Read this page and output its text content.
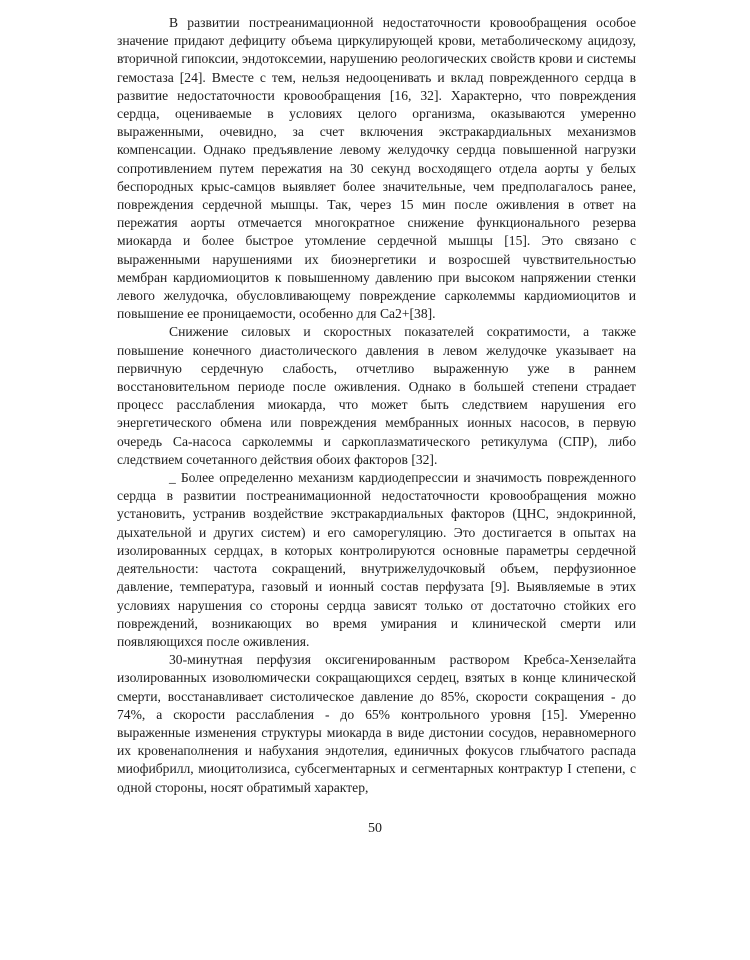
В развитии постреанимационной недостаточности кровообращения особое значение придают дефициту объема циркулирующей крови, метаболическому ацидозу, вторичной гипоксии, эндотоксемии, нарушению реологических свойств крови и системы гемостаза [24]. Вместе с тем, нельзя недооценивать и вклад поврежденного сердца в развитие недостаточности кровообращения [16, 32]. Характерно, что повреждения сердца, оцениваемые в условиях целого организма, оказываются умеренно выраженными, очевидно, за счет включения экстракардиальных механизмов компенсации. Однако предъявление левому желудочку сердца повышенной нагрузки сопротивлением путем пережатия на 30 секунд восходящего отдела аорты у белых беспородных крыс-самцов выявляет более значительные, чем предполагалось ранее, повреждения сердечной мышцы. Так, через 15 мин после оживления в ответ на пережатия аорты отмечается многократное снижение функционального резерва миокарда и более быстрое утомление сердечной мышцы [15]. Это связано с выраженными нарушениями их биоэнергетики и возросшей чувствительностью мембран кардиомиоцитов к повышенному давлению при высоком напряжении стенки левого желудочка, обусловливающему повреждение сарколеммы кардиомиоцитов и повышение ее проницаемости, особенно для Са2+[38].

Снижение силовых и скоростных показателей сократимости, а также повышение конечного диастолического давления в левом желудочке указывает на первичную сердечную слабость, отчетливо выраженную уже в раннем восстановительном периоде после оживления. Однако в большей степени страдает процесс расслабления миокарда, что может быть следствием нарушения его энергетического обмена или повреждения мембранных ионных насосов, в первую очередь Са-насоса сарколеммы и саркоплазматического ретикулума (СПР), либо следствием сочетанного действия обоих факторов [32].

_ Более определенно механизм кардиодепрессии и значимость поврежденного сердца в развитии постреанимационной недостаточности кровообращения можно установить, устранив воздействие экстракардиальных факторов (ЦНС, эндокринной, дыхательной и других систем) и его саморегуляцию. Это достигается в опытах на изолированных сердцах, в которых контролируются основные параметры сердечной деятельности: частота сокращений, внутрижелудочковый объем, перфузионное давление, температура, газовый и ионный состав перфузата [9]. Выявляемые в этих условиях нарушения со стороны сердца зависят только от достаточно стойких его повреждений, возникающих во время умирания и клинической смерти или появляющихся после оживления.

30-минутная перфузия оксигенированным раствором Кребса-Хензелайта изолированных изоволюмически сокращающихся сердец, взятых в конце клинической смерти, восстанавливает систолическое давление до 85%, скорости сокращения - до 74%, а скорости расслабления - до 65% контрольного уровня [15]. Умеренно выраженные изменения структуры миокарда в виде дистонии сосудов, неравномерного их кровенаполнения и набухания эндотелия, единичных фокусов глыбчатого распада миофибрилл, миоцитолизиса, субсегментарных и сегментарных контрактур I степени, с одной стороны, носят обратимый характер,

50
